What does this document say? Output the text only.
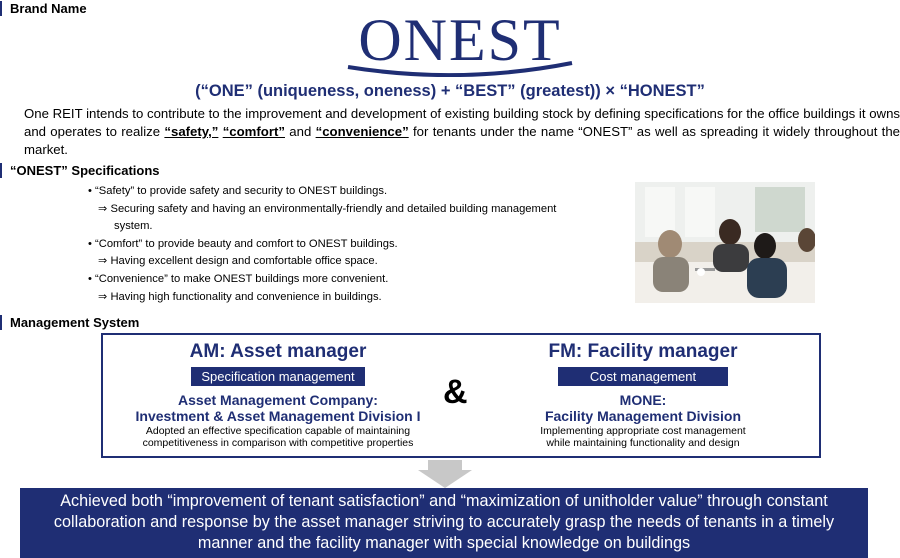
Brand Name	ONEST
(“ONE” (uniqueness, oneness) + “BEST” (greatest)) × “HONEST”
One REIT intends to contribute to the improvement and development of existing building stock by defining specifications for the office buildings it owns and operates to realize “safety,” “comfort” and “convenience” for tenants under the name “ONEST” as well as spreading it widely throughout the market.
“ONEST” Specifications
• “Safety” to provide safety and security to ONEST buildings.
⇒ Securing safety and having an environmentally-friendly and detailed building management
system.
• “Comfort” to provide beauty and comfort to ONEST buildings.
⇒ Having excellent design and comfortable office space.
• “Convenience” to make ONEST buildings more convenient.
⇒ Having high functionality and convenience in buildings.
Management System
AM: Asset manager
Specification management
Asset Management Company:
Investment & Asset Management Division I
Adopted an effective specification capable of maintaining
competitiveness in comparison with competitive properties
&
FM: Facility manager
Cost management
MONE:
Facility Management Division
Implementing appropriate cost management
while maintaining functionality and design
Achieved both “improvement of tenant satisfaction” and “maximization of unitholder value” through constant
collaboration and response by the asset manager striving to accurately grasp the needs of tenants in a timely
manner and the facility manager with special knowledge on buildings
